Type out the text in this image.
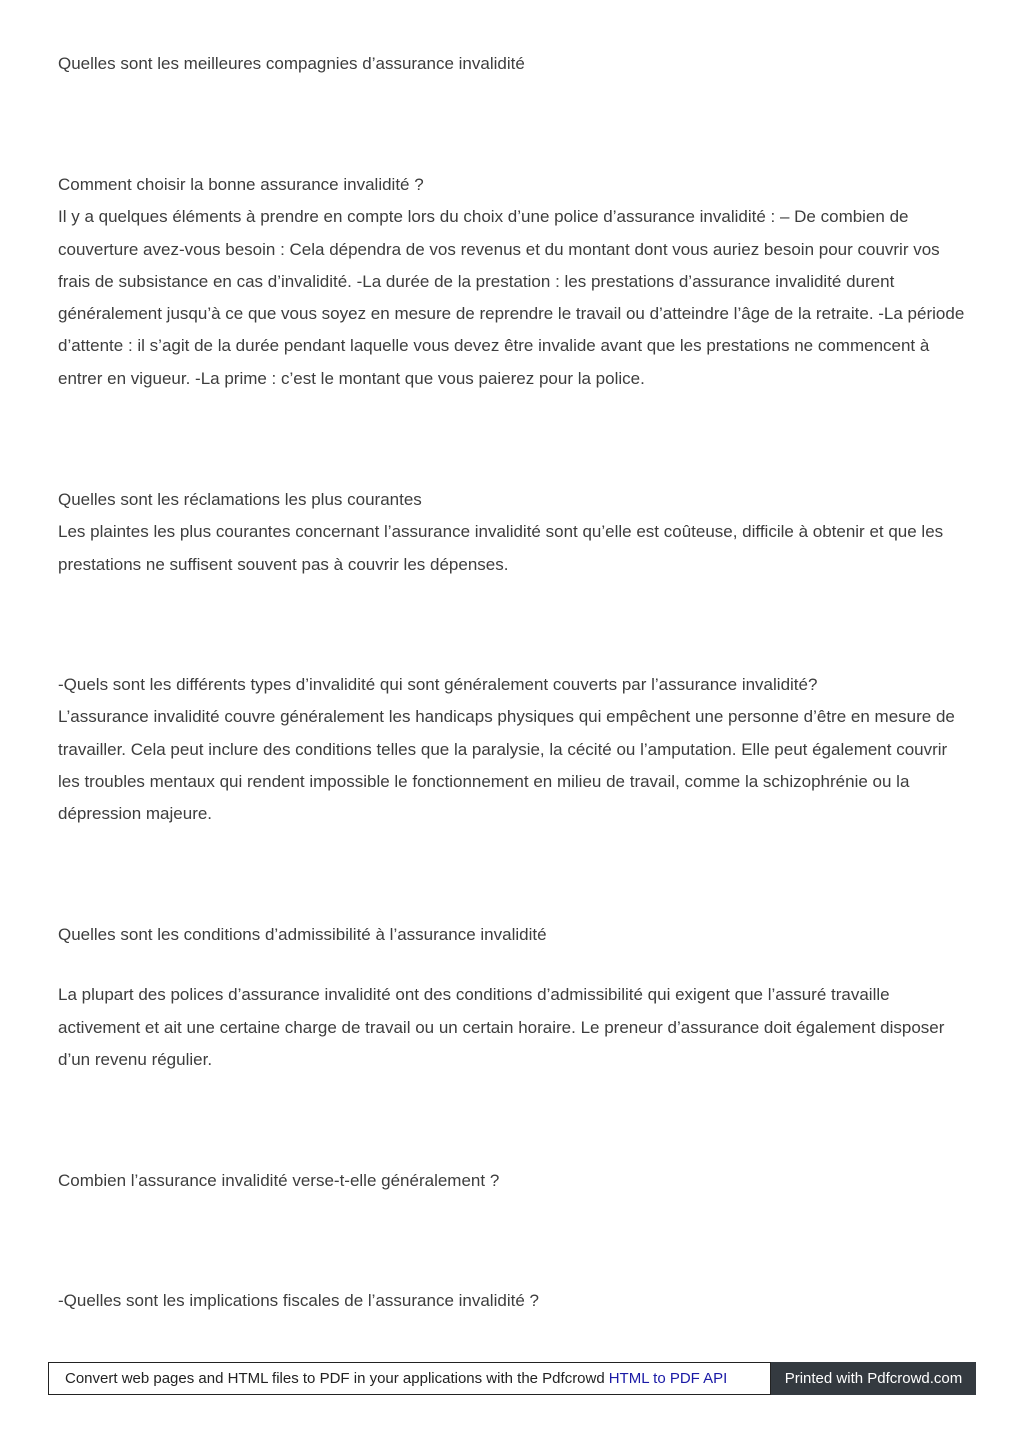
Quelles sont les meilleures compagnies d’assurance invalidité

Comment choisir la bonne assurance invalidité ?

Il y a quelques éléments à prendre en compte lors du choix d’une police d’assurance invalidité : – De combien de couverture avez-vous besoin : Cela dépendra de vos revenus et du montant dont vous auriez besoin pour couvrir vos frais de subsistance en cas d’invalidité. -La durée de la prestation : les prestations d’assurance invalidité durent généralement jusqu’à ce que vous soyez en mesure de reprendre le travail ou d’atteindre l’âge de la retraite. -La période d’attente : il s’agit de la durée pendant laquelle vous devez être invalide avant que les prestations ne commencent à entrer en vigueur. -La prime : c’est le montant que vous paierez pour la police.

Quelles sont les réclamations les plus courantes

Les plaintes les plus courantes concernant l’assurance invalidité sont qu’elle est coûteuse, difficile à obtenir et que les prestations ne suffisent souvent pas à couvrir les dépenses.

-Quels sont les différents types d’invalidité qui sont généralement couverts par l’assurance invalidité?

L’assurance invalidité couvre généralement les handicaps physiques qui empêchent une personne d’être en mesure de travailler. Cela peut inclure des conditions telles que la paralysie, la cécité ou l’amputation. Elle peut également couvrir les troubles mentaux qui rendent impossible le fonctionnement en milieu de travail, comme la schizophrénie ou la dépression majeure.

Quelles sont les conditions d’admissibilité à l’assurance invalidité

La plupart des polices d’assurance invalidité ont des conditions d’admissibilité qui exigent que l’assuré travaille activement et ait une certaine charge de travail ou un certain horaire. Le preneur d’assurance doit également disposer d’un revenu régulier.

Combien l’assurance invalidité verse-t-elle généralement ?

-Quelles sont les implications fiscales de l’assurance invalidité ?

Convert web pages and HTML files to PDF in your applications with the Pdfcrowd HTML to PDF API	Printed with Pdfcrowd.com
